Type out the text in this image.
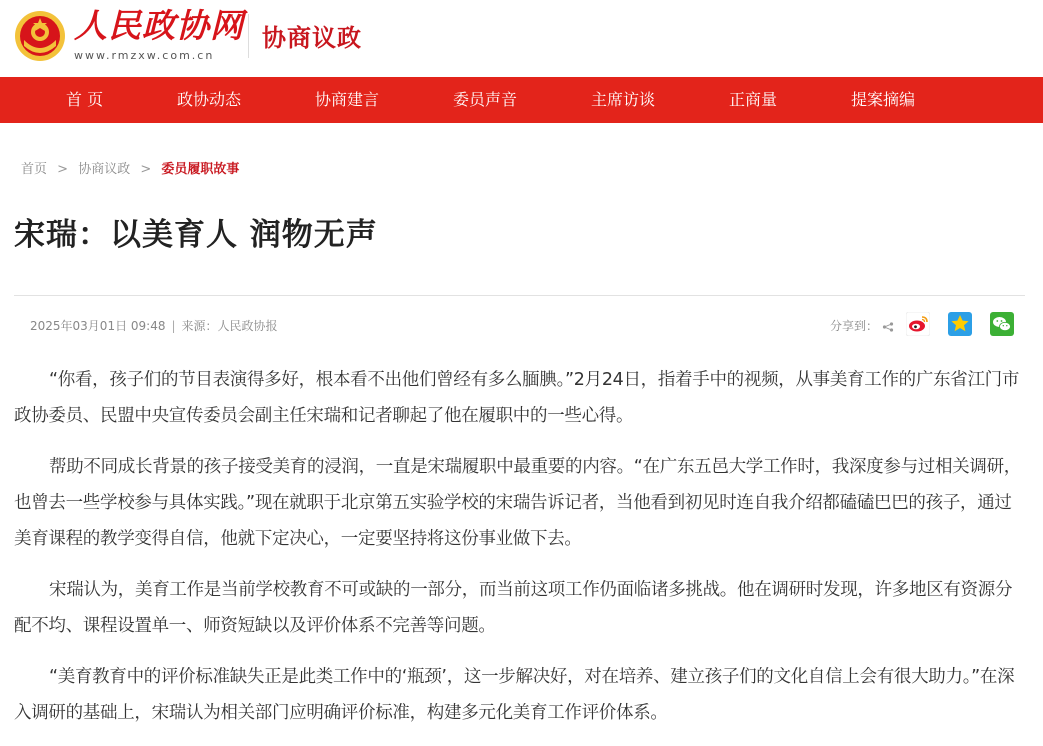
人民政协网
www.rmzxw.com.cn
协商议政
首 页	政协动态	协商建言	委员声音	主席访谈	正商量	提案摘编
首页 > 协商议政 > 委员履职故事
宋瑞：以美育人 润物无声
2025年03月01日 09:48 | 来源：人民政协报	分享到：

“你看，孩子们的节目表演得多好，根本看不出他们曾经有多么腼腆。”2月24日，指着手中的视频，从事美育工作的广东省江门市政协委员、民盟中央宣传委员会副主任宋瑞和记者聊起了他在履职中的一些心得。

帮助不同成长背景的孩子接受美育的浸润，一直是宋瑞履职中最重要的内容。“在广东五邑大学工作时，我深度参与过相关调研，也曾去一些学校参与具体实践。”现在就职于北京第五实验学校的宋瑞告诉记者，当他看到初见时连自我介绍都磕磕巴巴的孩子，通过美育课程的教学变得自信，他就下定决心，一定要坚持将这份事业做下去。

宋瑞认为，美育工作是当前学校教育不可或缺的一部分，而当前这项工作仍面临诸多挑战。他在调研时发现，许多地区有资源分配不均、课程设置单一、师资短缺以及评价体系不完善等问题。

“美育教育中的评价标准缺失正是此类工作中的‘瓶颈’，这一步解决好，对在培养、建立孩子们的文化自信上会有很大助力。”在深入调研的基础上，宋瑞认为相关部门应明确评价标准，构建多元化美育工作评价体系。
